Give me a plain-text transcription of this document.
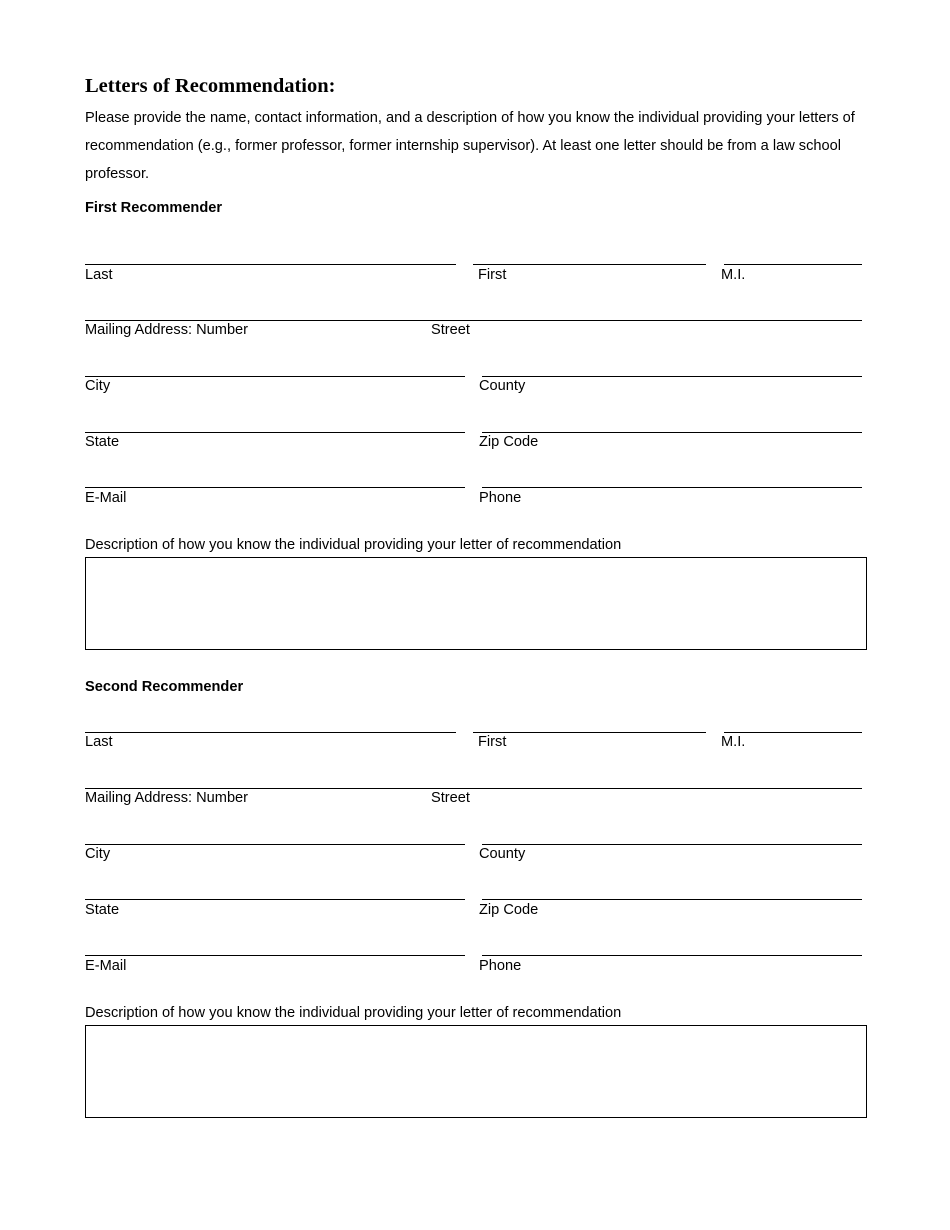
Letters of Recommendation:
Please provide the name, contact information, and a description of how you know the individual providing your letters of recommendation (e.g., former professor, former internship supervisor). At least one letter should be from a law school professor.
First Recommender
Last	First	M.I.
Mailing Address: Number	Street
City	County
State	Zip Code
E-Mail	Phone
Description of how you know the individual providing your letter of recommendation
Second Recommender
Last	First	M.I.
Mailing Address: Number	Street
City	County
State	Zip Code
E-Mail	Phone
Description of how you know the individual providing your letter of recommendation
